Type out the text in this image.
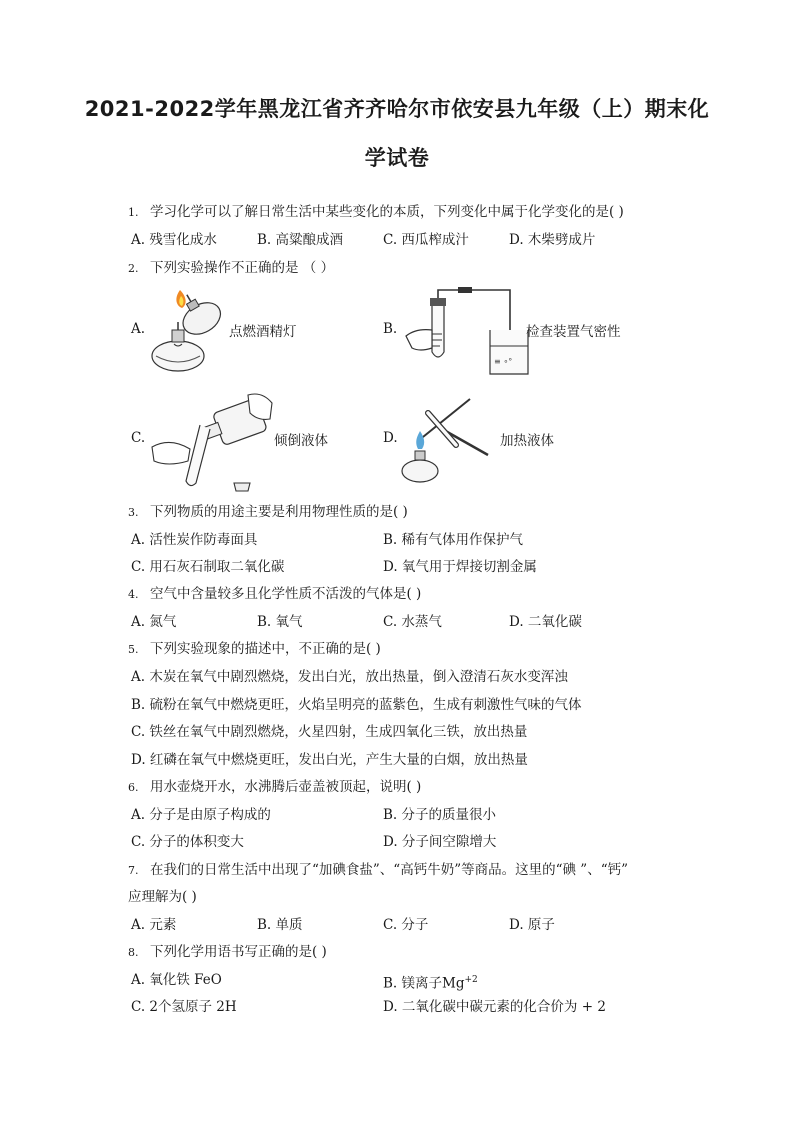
2021-2022学年黑龙江省齐齐哈尔市依安县九年级（上）期末化
学试卷
1. 学习化学可以了解日常生活中某些变化的本质，下列变化中属于化学变化的是( )
A. 残雪化成水	B. 高粱酿成酒	C. 西瓜榨成汁	D. 木柴劈成片
2. 下列实验操作不正确的是 （ ）
A.	点燃酒精灯	B.
≡ ∘°
检查装置气密性
C.	倾倒液体	D.	加热液体
3. 下列物质的用途主要是利用物理性质的是( )
A. 活性炭作防毒面具	B. 稀有气体用作保护气
C. 用石灰石制取二氧化碳	D. 氧气用于焊接切割金属
4. 空气中含量较多且化学性质不活泼的气体是( )
A. 氮气	B. 氧气	C. 水蒸气	D. 二氧化碳
5. 下列实验现象的描述中，不正确的是( )
A. 木炭在氧气中剧烈燃烧，发出白光，放出热量，倒入澄清石灰水变浑浊
B. 硫粉在氧气中燃烧更旺，火焰呈明亮的蓝紫色，生成有刺激性气味的气体
C. 铁丝在氧气中剧烈燃烧，火星四射，生成四氧化三铁，放出热量
D. 红磷在氧气中燃烧更旺，发出白光，产生大量的白烟，放出热量
6. 用水壶烧开水，水沸腾后壶盖被顶起，说明( )
A. 分子是由原子构成的	B. 分子的质量很小
C. 分子的体积变大	D. 分子间空隙增大
7. 在我们的日常生活中出现了“加碘食盐”、“高钙牛奶”等商品。这里的“碘 ”、“钙”
应理解为( )
A. 元素	B. 单质	C. 分子	D. 原子
8. 下列化学用语书写正确的是( )
A. 氧化铁 FeO	B. 镁离子$Mg^{+2}$
C. 2个氢原子 2H	D. 二氧化碳中碳元素的化合价为 + 2
